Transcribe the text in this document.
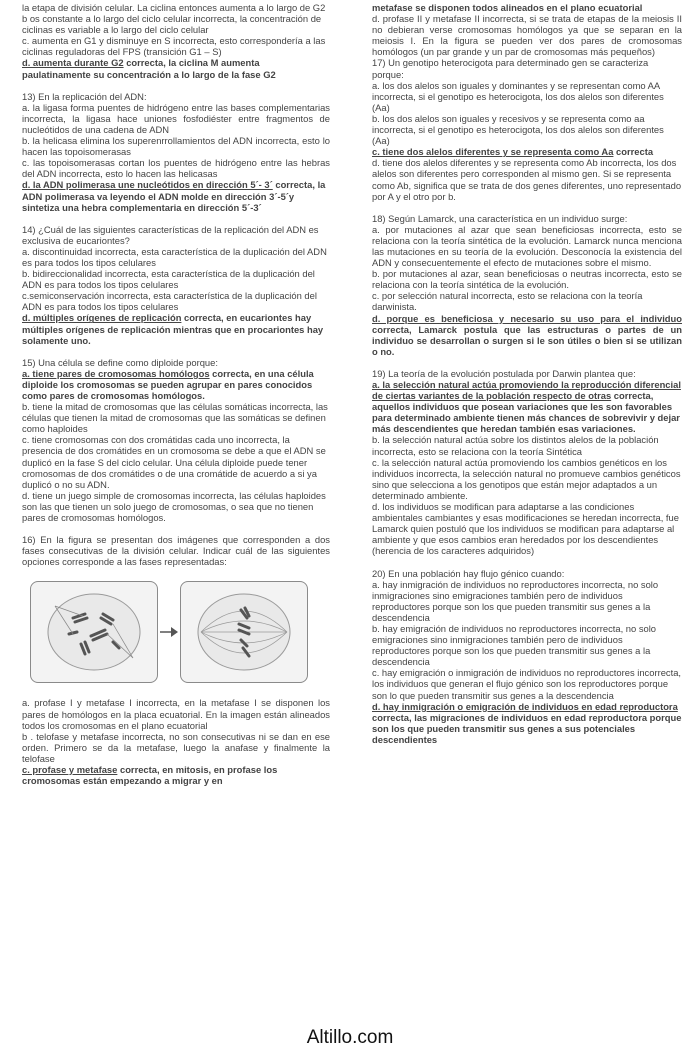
la etapa de división celular. La ciclina entonces aumenta a lo largo de G2

b os constante a lo largo del ciclo celular incorrecta, la concentración de ciclinas es variable a lo largo del ciclo celular

c. aumenta en G1 y disminuye en S incorrecta, esto correspondería a las ciclinas reguladoras del FPS (transición G1 – S)

d. aumenta durante G2 correcta, la ciclina M aumenta paulatinamente su concentración a lo largo de la fase G2

13) En la replicación del ADN:

a. la ligasa forma puentes de hidrógeno entre las bases complementarias incorrecta, la ligasa hace uniones fosfodiéster entre fragmentos de nucleótidos de una cadena de ADN

b. la helicasa elimina los superenrrollamientos del ADN incorrecta, esto lo hacen las topoisomerasas

c. las topoisomerasas cortan los puentes de hidrógeno entre las hebras del ADN incorrecta, esto lo hacen las helicasas

d. la ADN polimerasa une nucleótidos en dirección 5´- 3´ correcta, la ADN polimerasa va leyendo el ADN molde en dirección 3´-5´y sintetiza una hebra complementaria en dirección 5´-3´

14) ¿Cuál de las siguientes características de la replicación del ADN es exclusiva de eucariontes?

a. discontinuidad incorrecta, esta característica de la duplicación del ADN es para todos los tipos celulares

b. bidireccionalidad incorrecta, esta característica de la duplicación del ADN es para todos los tipos celulares

c.semiconservación incorrecta, esta característica de la duplicación del ADN es para todos los tipos celulares

d. múltiples orígenes de replicación correcta, en eucariontes hay múltiples orígenes de replicación mientras que en procariontes hay solamente uno.

15) Una célula se define como diploide porque:

a. tiene pares de cromosomas homólogos correcta, en una célula diploide los cromosomas se pueden agrupar en pares conocidos como pares de cromosomas homólogos.

b. tiene la mitad de cromosomas que las células somáticas incorrecta, las células que tienen la mitad de cromosomas que las somáticas se definen como haploides

c. tiene cromosomas con dos cromátidas cada uno incorrecta, la presencia de dos cromátides en un cromosoma se debe a que el ADN se duplicó en la fase S del ciclo celular. Una célula diploide puede tener cromosomas de dos cromátides o de una cromátide de acuerdo a si ya duplicó o no su ADN.

d. tiene un juego simple de cromosomas incorrecta, las células haploides son las que tienen un solo juego de cromosomas, o sea que no tienen pares de cromosomas homólogos.

16) En la figura se presentan dos imágenes que corresponden a dos fases consecutivas de la división celular. Indicar cuál de las siguientes opciones corresponde a las fases representadas:

a. profase I y metafase I incorrecta, en la metafase I se disponen los pares de homólogos en la placa ecuatorial. En la imagen están alineados todos los cromosomas en el plano ecuatorial

b . telofase y metafase incorrecta, no son consecutivas ni se dan en ese orden. Primero se da la metafase, luego la anafase y finalmente la telofase

c. profase y metafase correcta, en mitosis, en profase los cromosomas están empezando a migrar y en

metafase se disponen todos alineados en el plano ecuatorial

d. profase II y metafase II incorrecta, si se trata de etapas de la meiosis II no debieran versе cromosomas homólogos ya que se separan en la meiosis I. En la figura se pueden ver dos pares de cromosomas homólogos (un par grande y un par de cromosomas más pequeños)

17) Un genotipo heterocigota para determinado gen se caracteriza porque:

a. los dos alelos son iguales y dominantes y se representan como AA incorrecta, si el genotipo es heterocigota, los dos alelos son diferentes (Aa)

b. los dos alelos son iguales y recesivos y se representa como aa incorrecta, si el genotipo es heterocigota, los dos alelos son diferentes (Aa)

c. tiene dos alelos diferentes y se representa como Aa correcta

d. tiene dos alelos diferentes y se representa como Ab incorrecta, los dos alelos son diferentes pero corresponden al mismo gen. Si se representa como Ab, significa que se trata de dos genes diferentes, uno representado por A y el otro por b.

18) Según Lamarck, una característica en un individuo surge:

a. por mutaciones al azar que sean beneficiosas incorrecta, esto se relaciona con la teoría sintética de la evolución. Lamarck nunca menciona las mutaciones en su teoría de la evolución. Desconocía la existencia del ADN y consecuentemente el efecto de mutaciones sobre el mismo.

b. por mutaciones al azar, sean beneficiosas o neutras incorrecta, esto se relaciona con la teoría sintética de la evolución.

c. por selección natural incorrecta, esto se relaciona con la teoría darwinista.

d. porque es beneficiosa y necesario su uso para el individuo correcta, Lamarck postula que las estructuras o partes de un individuo se desarrollan o surgen si le son útiles o bien si se utilizan o no.

19) La teoría de la evolución postulada por Darwin plantea que:

a. la selección natural actúa promoviendo la reproducción diferencial de ciertas variantes de la población respecto de otras correcta, aquellos individuos que posean variaciones que les son favorables para determinado ambiente tienen más chances de sobrevivir y dejar más descendientes que heredan también esas variaciones.

b. la selección natural actúa sobre los distintos alelos de la población incorrecta, esto se relaciona con la teoría Sintética

c. la selección natural actúa promoviendo los cambios genéticos en los individuos incorrecta, la selección natural no promueve cambios genéticos sino que selecciona a los genotipos que están mejor adaptados a un determinado ambiente.

d. los individuos se modifican para adaptarse a las condiciones ambientales cambiantes y esas modificaciones se heredan incorrecta, fue Lamarck quien postuló que los individuos se modifican para adaptarse al ambiente y que esos cambios eran heredados por los descendientes (herencia de los caracteres adquiridos)

20) En una población hay flujo génico cuando:

a. hay inmigración de individuos no reproductores incorrecta, no solo inmigraciones sino emigraciones también pero de individuos reproductores porque son los que pueden transmitir sus genes a la descendencia

b. hay emigración de individuos no reproductores incorrecta, no solo emigraciones sino inmigraciones también pero de individuos reproductores porque son los que pueden transmitir sus genes a la descendencia

c. hay emigración o inmigración de individuos no reproductores incorrecta, los individuos que generan el flujo génico son los reproductores porque son lo que pueden transmitir sus genes a la descendencia

d. hay inmigración o emigración de individuos en edad reproductora correcta, las migraciones de individuos en edad reproductora porque son los que pueden transmitir sus genes a sus potenciales descendientes

Altillo.com
